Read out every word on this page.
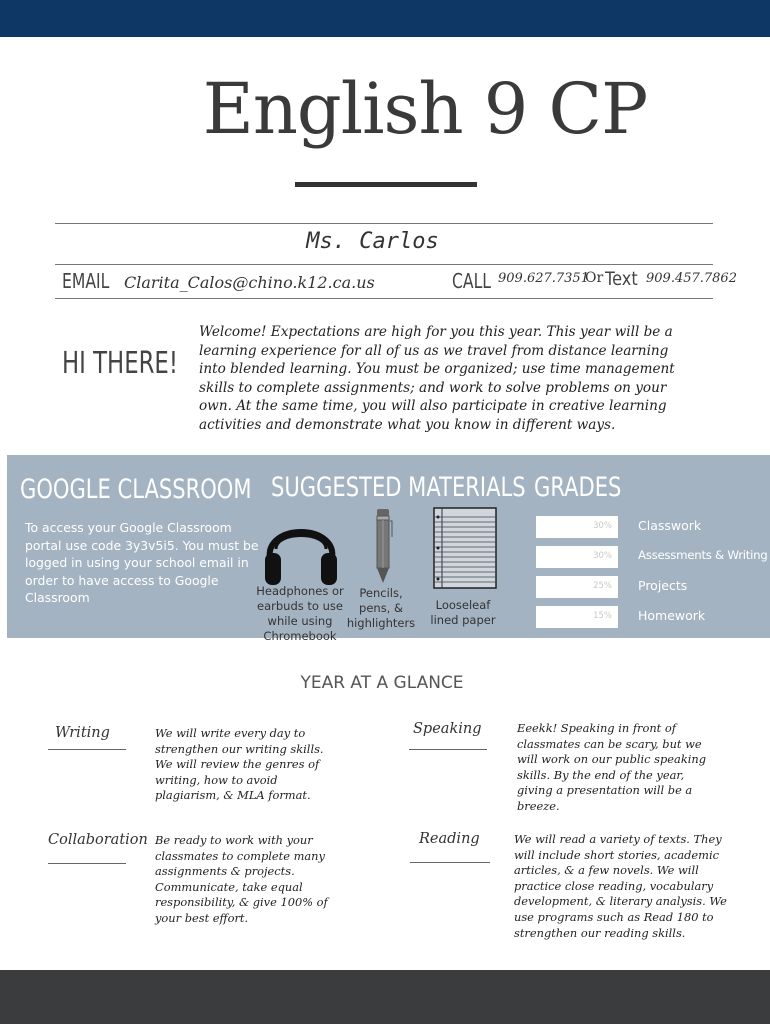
English 9 CP
Ms. Carlos
EMAIL Clarita_Calos@chino.k12.ca.us	CALL 909.627.7351
Or Text 909.457.7862
HI THERE!
Welcome! Expectations are high for you this year. This year will be a learning experience for all of us as we travel from distance learning into blended learning. You must be organized; use time management skills to complete assignments; and work to solve problems on your own. At the same time, you will also participate in creative learning activities and demonstrate what you know in different ways.
GOOGLE CLASSROOM
To access your Google Classroom portal use code 3y3v5i5. You must be logged in using your school email in order to have access to Google Classroom
SUGGESTED MATERIALS
Headphones or earbuds to use while using Chromebook
Pencils, pens, & highlighters
Looseleaf lined paper
GRADES
30% Classwork
30% Assessments & Writing
25% Projects
15% Homework
YEAR AT A GLANCE
Writing	We will write every day to strengthen our writing skills. We will review the genres of writing, how to avoid plagiarism, & MLA format.
Speaking	Eeekk! Speaking in front of classmates can be scary, but we will work on our public speaking skills. By the end of the year, giving a presentation will be a breeze.
Collaboration Be ready to work with your classmates to complete many assignments & projects. Communicate, take equal responsibility, & give 100% of your best effort.
Reading	We will read a variety of texts. They will include short stories, academic articles, & a few novels. We will practice close reading, vocabulary development, & literary analysis. We use programs such as Read 180 to strengthen our reading skills.
